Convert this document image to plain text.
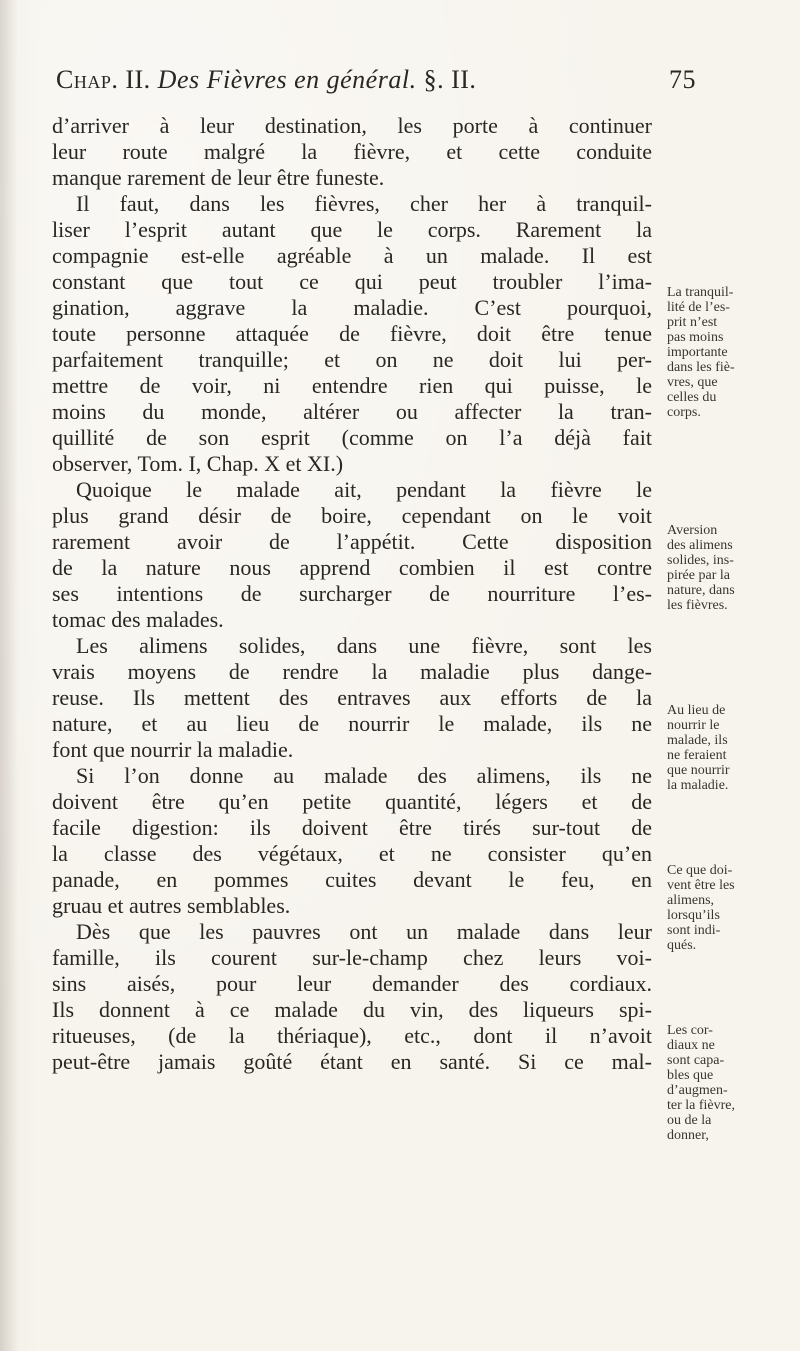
Chap. II. Des Fièvres en général. §. II.	75
d’arriver à leur destination, les porte à continuer
leur route malgré la fièvre, et cette conduite
manque rarement de leur être funeste.
Il faut, dans les fièvres, cher her à tranquil-
liser l’esprit autant que le corps. Rarement la
compagnie est-elle agréable à un malade. Il est
constant que tout ce qui peut troubler l’ima-
gination, aggrave la maladie. C’est pourquoi,
toute personne attaquée de fièvre, doit être tenue
parfaitement tranquille; et on ne doit lui per-
mettre de voir, ni entendre rien qui puisse, le
moins du monde, altérer ou affecter la tran-
quillité de son esprit (comme on l’a déjà fait
observer, Tom. I, Chap. X et XI.)
Quoique le malade ait, pendant la fièvre le
plus grand désir de boire, cependant on le voit
rarement avoir de l’appétit. Cette disposition
de la nature nous apprend combien il est contre
ses intentions de surcharger de nourriture l’es-
tomac des malades.
Les alimens solides, dans une fièvre, sont les
vrais moyens de rendre la maladie plus dange-
reuse. Ils mettent des entraves aux efforts de la
nature, et au lieu de nourrir le malade, ils ne
font que nourrir la maladie.
Si l’on donne au malade des alimens, ils ne
doivent être qu’en petite quantité, légers et de
facile digestion: ils doivent être tirés sur-tout de
la classe des végétaux, et ne consister qu’en
panade, en pommes cuites devant le feu, en
gruau et autres semblables.
Dès que les pauvres ont un malade dans leur
famille, ils courent sur-le-champ chez leurs voi-
sins aisés, pour leur demander des cordiaux.
Ils donnent à ce malade du vin, des liqueurs spi-
ritueuses, (de la thériaque), etc., dont il n’avoit
peut-être jamais goûté étant en santé. Si ce mal-
La tranquil-
lité de l’es-
prit n’est
pas moins
importante
dans les fiè-
vres, que
celles du
corps.
Aversion
des alimens
solides, ins-
pirée par la
nature, dans
les fièvres.
Au lieu de
nourrir le
malade, ils
ne feraient
que nourrir
la maladie.
Ce que doi-
vent être les
alimens,
lorsqu’ils
sont indi-
qués.
Les cor-
diaux ne
sont capa-
bles que
d’augmen-
ter la fièvre,
ou de la
donner,
